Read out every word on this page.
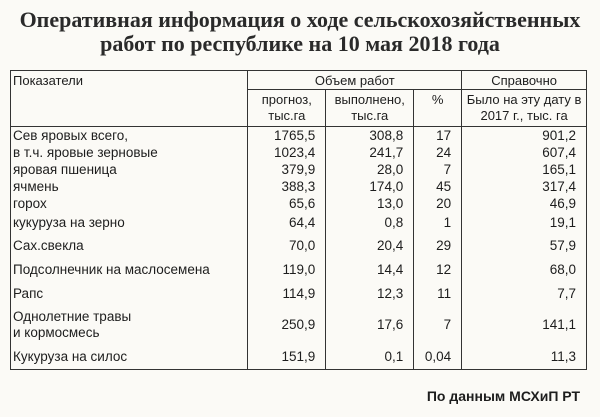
Оперативная информация о ходе сельскохозяйственных
работ по республике на 10 мая 2018 года
Показатели	Объем работ			Справочно
	прогноз, тыс.га	выполнено, тыс.га	%	Было на эту дату в 2017 г., тыс. га
Сев яровых всего,	1765,5	308,8	17	901,2
в т.ч. яровые зерновые	1023,4	241,7	24	607,4
яровая пшеница	379,9	28,0	7	165,1
ячмень	388,3	174,0	45	317,4
горох	65,6	13,0	20	46,9
кукуруза на зерно	64,4	0,8	1	19,1
Сах.свекла	70,0	20,4	29	57,9
Подсолнечник на маслосемена	119,0	14,4	12	68,0
Рапс	114,9	12,3	11	7,7

Однолетние травы
и кормосмесь	250,9	17,6	7	141,1
Кукуруза на силос	151,9	0,1	0,04	11,3
По данным МСХиП РТ
